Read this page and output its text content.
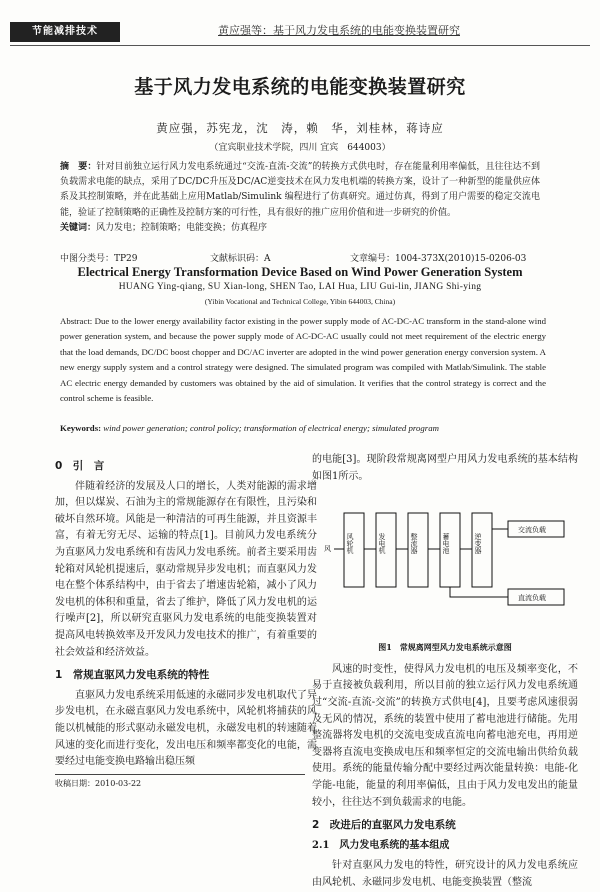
节能减排技术	黄应强等：基于风力发电系统的电能变换装置研究
基于风力发电系统的电能变换装置研究
黄应强，苏宪龙，沈　涛，赖　华，刘桂林，蒋诗应
（宜宾职业技术学院，四川 宜宾　644003）
摘　要：针对目前独立运行风力发电系统通过“交流-直流-交流”的转换方式供电时，存在能量利用率偏低，且往往达不到负载需求电能的缺点，采用了DC/DC升压及DC/AC逆变技术在风力发电机端的转换方案，设计了一种新型的能量供应体系及其控制策略，并在此基础上应用Matlab/Simulink 编程进行了仿真研究。通过仿真，得到了用户需要的稳定交流电能，验证了控制策略的正确性及控制方案的可行性，具有很好的推广应用价值和进一步研究的价值。
关键词：风力发电；控制策略；电能变换；仿真程序
中图分类号：TP29	文献标识码：A	文章编号：1004-373X(2010)15-0206-03
Electrical Energy Transformation Device Based on Wind Power Generation System
HUANG Ying-qiang, SU Xian-long, SHEN Tao, LAI Hua, LIU Gui-lin, JIANG Shi-ying
(Yibin Vocational and Technical College, Yibin 644003, China)
Abstract: Due to the lower energy availability factor existing in the power supply mode of AC-DC-AC transform in the stand-alone wind power generation system, and because the power supply mode of AC-DC-AC usually could not meet requirement of the electric energy that the load demands, DC/DC boost chopper and DC/AC inverter are adopted in the wind power generation energy conversion system. A new energy supply system and a control strategy were designed. The simulated program was compiled with Matlab/Simulink. The stable AC electric energy demanded by customers was obtained by the aid of simulation. It verifies that the control strategy is correct and the control scheme is feasible.
Keywords: wind power generation; control policy; transformation of electrical energy; simulated program
0　引　言

伴随着经济的发展及人口的增长，人类对能源的需求增加，但以煤炭、石油为主的常规能源存在有限性，且污染和破坏自然环境。风能是一种清洁的可再生能源，并且资源丰富，有着无穷无尽、运输的特点[1]。目前风力发电系统分为直驱风力发电系统和有齿风力发电系统。前者主要采用齿轮箱对风轮机提速后，驱动常规异步发电机；而直驱风力发电在整个体系结构中，由于省去了增速齿轮箱，减小了风力发电机的体积和重量，省去了维护，降低了风力发电机的运行噪声[2]，所以研究直驱风力发电系统的电能变换装置对提高风电转换效率及开发风力发电技术的推广，有着重要的社会效益和经济效益。

1　常规直驱风力发电系统的特性

直驱风力发电系统采用低速的永磁同步发电机取代了异步发电机，在永磁直驱风力发电系统中，风轮机将捕获的风能以机械能的形式驱动永磁发电机，永磁发电机的转速随着风速的变化而进行变化，发出电压和频率都变化的电能，需要经过电能变换电路输出稳压频

的电能[3]。现阶段常规离网型户用风力发电系统的基本结构如图1所示。

风 风轮机	发电机	整流器	蓄电池	逆变器
交流负载
直流负载
图1　常规离网型风力发电系统示意图

风速的时变性，使得风力发电机的电压及频率变化，不易于直接被负载利用，所以目前的独立运行风力发电系统通过“交流-直流-交流”的转换方式供电[4]，且要考虑风速很弱及无风的情况，系统的装置中使用了蓄电池进行储能。先用整流器将发电机的交流电变成直流电向蓄电池充电，再用逆变器将直流电变换成电压和频率恒定的交流电输出供给负载使用。系统的能量传输分配中要经过两次能量转换：电能-化学能-电能，能量的利用率偏低，且由于风力发电发出的能量较小，往往达不到负载需求的电能。

2　改进后的直驱风力发电系统
2.1　风力发电系统的基本组成

针对直驱风力发电的特性，研究设计的风力发电系统应由风轮机、永磁同步发电机、电能变换装置（整流

收稿日期：2010-03-22
